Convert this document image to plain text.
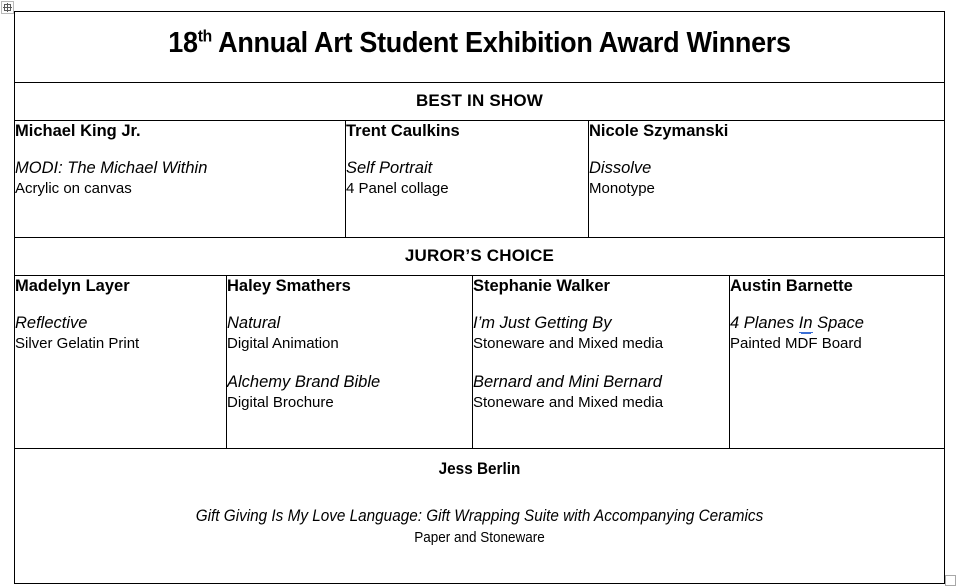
18th Annual Art Student Exhibition Award Winners					

BEST IN SHOW					

Michael King Jr.

MODI: The Michael Within

Acrylic on canvas

Trent Caulkins

Self Portrait

4 Panel collage

Nicole Szymanski

Dissolve

Monotype

JUROR’S CHOICE					

Madelyn Layer

Reflective

Silver Gelatin Print

Haley Smathers

Natural

Digital Animation

Alchemy Brand Bible

Digital Brochure

Stephanie Walker

I’m Just Getting By

Stoneware and Mixed media

Bernard and Mini Bernard

Stoneware and Mixed media

Austin Barnette

4 Planes In Space

Painted MDF Board

Jess Berlin

Gift Giving Is My Love Language: Gift Wrapping Suite with Accompanying Ceramics

Paper and Stoneware					
